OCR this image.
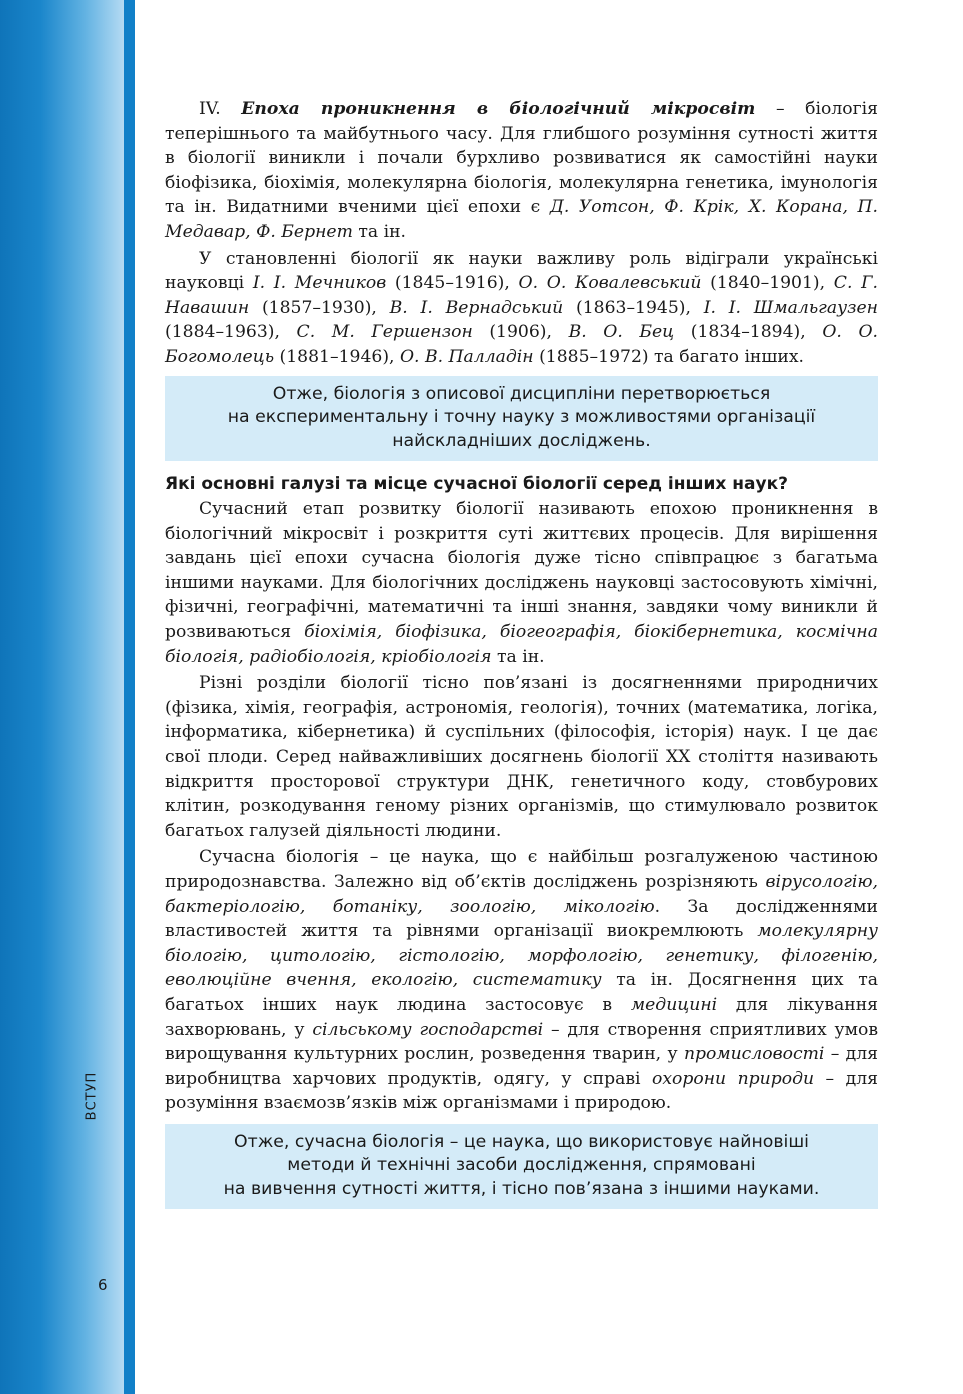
ВСТУП
6

IV. Епоха проникнення в біологічний мікросвіт – біологія теперішнього та майбутнього часу. Для глибшого розуміння сутності життя в біології виникли і почали бурхливо розвиватися як самостійні науки біофізика, біохімія, молекулярна біологія, молекулярна генетика, імунологія та ін. Видатними вченими цієї епохи є Д. Уотсон, Ф. Крік, Х. Корана, П. Медавар, Ф. Бернет та ін.

У становленні біології як науки важливу роль відіграли українські науковці І. І. Мечников (1845–1916), О. О. Ковалевський (1840–1901), С. Г. Навашин (1857–1930), В. І. Вернадський (1863–1945), І. І. Шмальгаузен (1884–1963), С. М. Гершензон (1906), В. О. Бец (1834–1894), О. О. Богомолець (1881–1946), О. В. Палладін (1885–1972) та багато інших.

Отже, біологія з описової дисципліни перетворюється
на експериментальну і точну науку з можливостями організації
найскладніших досліджень.
Які основні галузі та місце сучасної біології серед інших наук?

Сучасний етап розвитку біології називають епохою проникнення в біологічний мікросвіт і розкриття суті життєвих процесів. Для вирішення завдань цієї епохи сучасна біологія дуже тісно співпрацює з багатьма іншими науками. Для біологічних досліджень науковці застосовують хімічні, фізичні, географічні, математичні та інші знання, завдяки чому виникли й розвиваються біохімія, біофізика, біогеографія, біокібернетика, космічна біологія, радіобіологія, кріобіологія та ін.

Різні розділи біології тісно пов’язані із досягненнями природничих (фізика, хімія, географія, астрономія, геологія), точних (математика, логіка, інформатика, кібернетика) й суспільних (філософія, історія) наук. І це дає свої плоди. Серед найважливіших досягнень біології XX століття називають відкриття просторової структури ДНК, генетичного коду, стовбурових клітин, розкодування геному різних організмів, що стимулювало розвиток багатьох галузей діяльності людини.

Сучасна біологія – це наука, що є найбільш розгалуженою частиною природознавства. Залежно від об’єктів досліджень розрізняють вірусологію, бактеріологію, ботаніку, зоологію, мікологію. За дослідженнями властивостей життя та рівнями організації виокремлюють молекулярну біологію, цитологію, гістологію, морфологію, генетику, філогенію, еволюційне вчення, екологію, систематику та ін. Досягнення цих та багатьох інших наук людина застосовує в медицині для лікування захворювань, у сільському господарстві – для створення сприятливих умов вирощування культурних рослин, розведення тварин, у промисловості – для виробництва харчових продуктів, одягу, у справі охорони природи – для розуміння взаємозв’язків між організмами і природою.

Отже, сучасна біологія – це наука, що використовує найновіші
методи й технічні засоби дослідження, спрямовані
на вивчення сутності життя, і тісно пов’язана з іншими науками.
